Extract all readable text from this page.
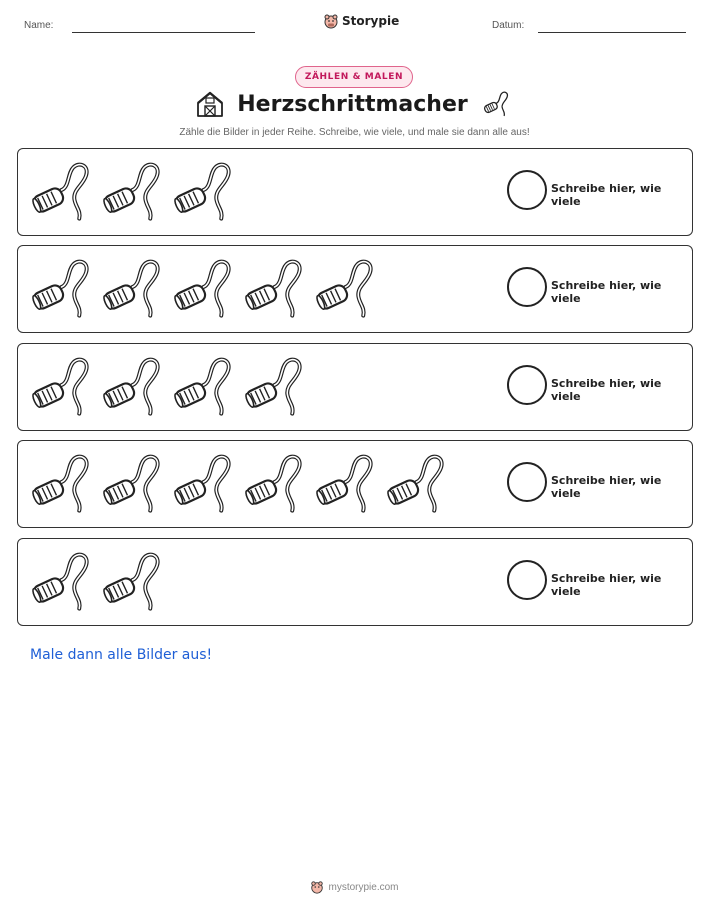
Name:	Storypie	Datum:
ZÄHLEN & MALEN
Herzschrittmacher
Zähle die Bilder in jeder Reihe. Schreibe, wie viele, und male sie dann alle aus!
Schreibe hier, wie viele
Schreibe hier, wie viele
Schreibe hier, wie viele
Schreibe hier, wie viele
Schreibe hier, wie viele
Male dann alle Bilder aus!
mystorypie.com
